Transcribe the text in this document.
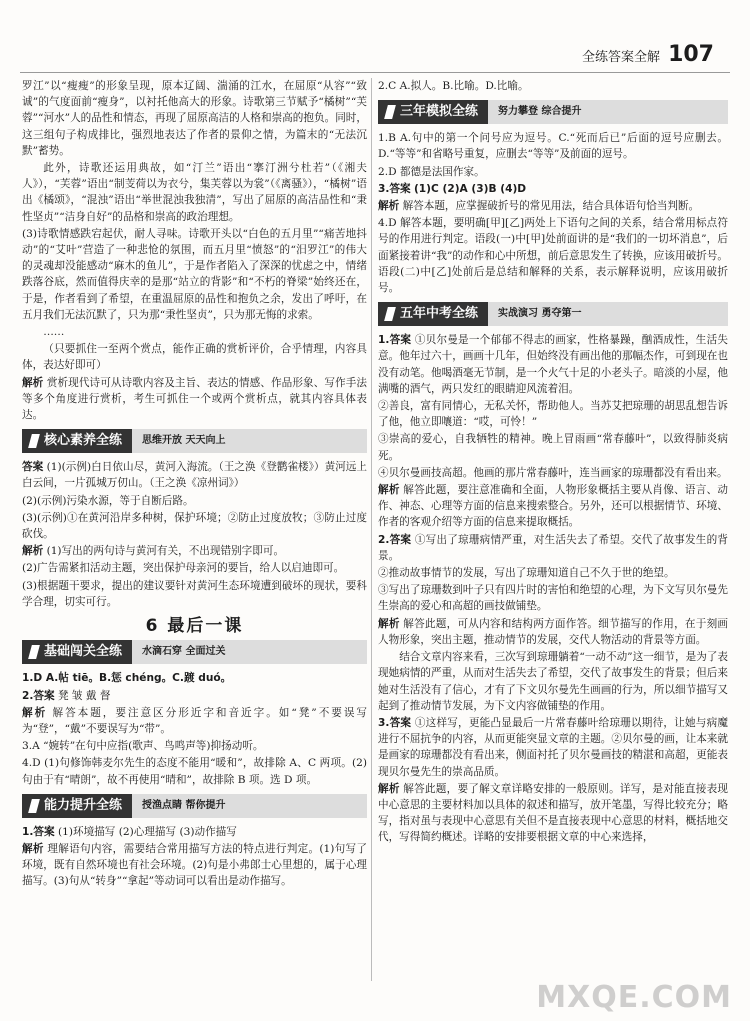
全练答案全解 107

罗江”以“瘦瘦”的形象呈现，原本辽阔、湍涌的江水，在屈原“从容”“致诚”的气度面前“瘦身”，以衬托他高大的形象。诗歌第三节赋予“橘树”“芙蓉”“河水”人的品性和情态，再现了屈原高洁的人格和崇高的抱负。同时，这三组句子构成排比，强烈地表达了作者的景仰之情，为篇末的“无法沉默”蓄势。

此外，诗歌还运用典故，如“汀兰”语出“搴汀洲兮杜若”（《湘夫人》），“芙蓉”语出“制芰荷以为衣兮，集芙蓉以为裳”（《离骚》），“橘树”语出《橘颂》，“混浊”语出“举世混浊我独清”，写出了屈原的高洁品性和“秉性坚贞”“洁身自好”的品格和崇高的政治理想。

(3)诗歌情感跌宕起伏，耐人寻味。诗歌开头以“白色的五月里”“痛苦地抖动”的“艾叶”营造了一种悲怆的氛围，而五月里“愤怒”的“汨罗江”的伟大的灵魂却没能感动“麻木的鱼儿”，于是作者陷入了深深的忧虑之中，情绪跌落谷底，然而值得庆幸的是那“站立的背影”和“不朽的脊梁”始终还在，于是，作者看到了希望，在重温屈原的品性和抱负之余，发出了呼吁，在五月我们无法沉默了，只为那“秉性坚贞”，只为那无悔的求索。

……

（只要抓住一至两个赏点，能作正确的赏析评价，合乎情理，内容具体，表达好即可）

解析 赏析现代诗可从诗歌内容及主旨、表达的情感、作品形象、写作手法等多个角度进行赏析，考生可抓住一个或两个赏析点，就其内容具体表达。

核心素养全练	思维开放 天天向上

答案 (1)(示例)白日依山尽，黄河入海流。（王之涣《登鹳雀楼》）黄河远上白云间，一片孤城万仞山。（王之涣《凉州词》）

(2)(示例)污染水源，等于自断后路。

(3)(示例)①在黄河沿岸多种树，保护环境；②防止过度放牧；③防止过度砍伐。

解析 (1)写出的两句诗与黄河有关，不出现错别字即可。

(2)广告需紧扣活动主题，突出保护母亲河的要旨，给人以启迪即可。

(3)根据题干要求，提出的建议要针对黄河生态环境遭到破坏的现状，要科学合理，切实可行。

6 最后一课
基础闯关全练	水滴石穿 全面过关

1.D A.帖 tiē。B.惩 chéng。C.踱 duó。

2.答案 凳 皱 戴 督

解析 解答本题，要注意区分形近字和音近字。如“凳”不要误写为“登”，“戴”不要误写为“带”。

3.A “婉转”在句中应指(歌声、鸟鸣声等)抑扬动听。

4.D (1)句修饰韩麦尔先生的态度不能用“暖和”，故排除 A、C 两项。(2)句由于有“晴朗”，故不再使用“晴和”，故排除 B 项。选 D 项。

能力提升全练	授渔点睛 帮你提升

1.答案 (1)环境描写 (2)心理描写 (3)动作描写

解析 理解语句内容，需要结合常用描写方法的特点进行判定。(1)句写了环境，既有自然环境也有社会环境。(2)句是小弗郎士心里想的，属于心理描写。(3)句从“转身”“拿起”等动词可以看出是动作描写。

2.C A.拟人。B.比喻。D.比喻。

三年模拟全练	努力攀登 综合提升

1.B A.句中的第一个问号应为逗号。C.“死而后已”后面的逗号应删去。D.“等等”和省略号重复，应删去“等等”及前面的逗号。

2.D 都德是法国作家。

3.答案 (1)C (2)A (3)B (4)D

解析 解答本题，应掌握破折号的常见用法，结合具体语句恰当判断。

4.D 解答本题，要明确[甲][乙]两处上下语句之间的关系，结合常用标点符号的作用进行判定。语段(一)中[甲]处前面讲的是“我们的一切坏消息”，后面紧接着讲“我”的动作和心中所想，前后意思发生了转换，应该用破折号。语段(二)中[乙]处前后是总结和解释的关系，表示解释说明，应该用破折号。

五年中考全练	实战演习 勇夺第一

1.答案 ①贝尔曼是一个郁郁不得志的画家，性格暴躁，酗酒成性，生活失意。他年过六十，画画十几年，但始终没有画出他的那幅杰作，可到现在也没有动笔。他喝酒毫无节制，是一个火气十足的小老头子。暗淡的小屋，他满嘴的酒气，两只发红的眼睛迎风流着泪。

②善良，富有同情心，无私关怀，帮助他人。当苏艾把琼珊的胡思乱想告诉了他，他立即嚷道：“哎，可怜！”

③崇高的爱心，自我牺牲的精神。晚上冒雨画“常春藤叶”，以致得肺炎病死。

④贝尔曼画技高超。他画的那片常春藤叶，连当画家的琼珊都没有看出来。

解析 解答此题，要注意准确和全面，人物形象概括主要从肖像、语言、动作、神态、心理等方面的信息来搜索整合。另外，还可以根据情节、环境、作者的客观介绍等方面的信息来提取概括。

2.答案 ①写出了琼珊病情严重，对生活失去了希望。交代了故事发生的背景。

②推动故事情节的发展，写出了琼珊知道自己不久于世的绝望。

③写出了琼珊数到叶子只有四片时的害怕和绝望的心理，为下文写贝尔曼先生崇高的爱心和高超的画技做铺垫。

解析 解答此题，可从内容和结构两方面作答。细节描写的作用，在于刻画人物形象，突出主题，推动情节的发展，交代人物活动的背景等方面。

结合文章内容来看，三次写到琼珊躺着“一动不动”这一细节，是为了表现她病情的严重，从而对生活失去了希望，交代了故事发生的背景；但后来她对生活没有了信心，才有了下文贝尔曼先生画画的行为，所以细节描写又起到了推动情节发展，为下文内容做铺垫的作用。

3.答案 ①这样写，更能凸显最后一片常春藤叶给琼珊以期待，让她与病魔进行不屈抗争的内容，从而更能突显文章的主题。②贝尔曼的画，让本来就是画家的琼珊都没有看出来，侧面衬托了贝尔曼画技的精湛和高超，更能表现贝尔曼先生的崇高品质。

解析 解答此题，要了解文章详略安排的一般原则。详写，是对能直接表现中心意思的主要材料加以具体的叙述和描写，放开笔墨，写得比较充分；略写，指对虽与表现中心意思有关但不是直接表现中心意思的材料，概括地交代，写得简约概述。详略的安排要根据文章的中心来选择，

MXQE.COM
